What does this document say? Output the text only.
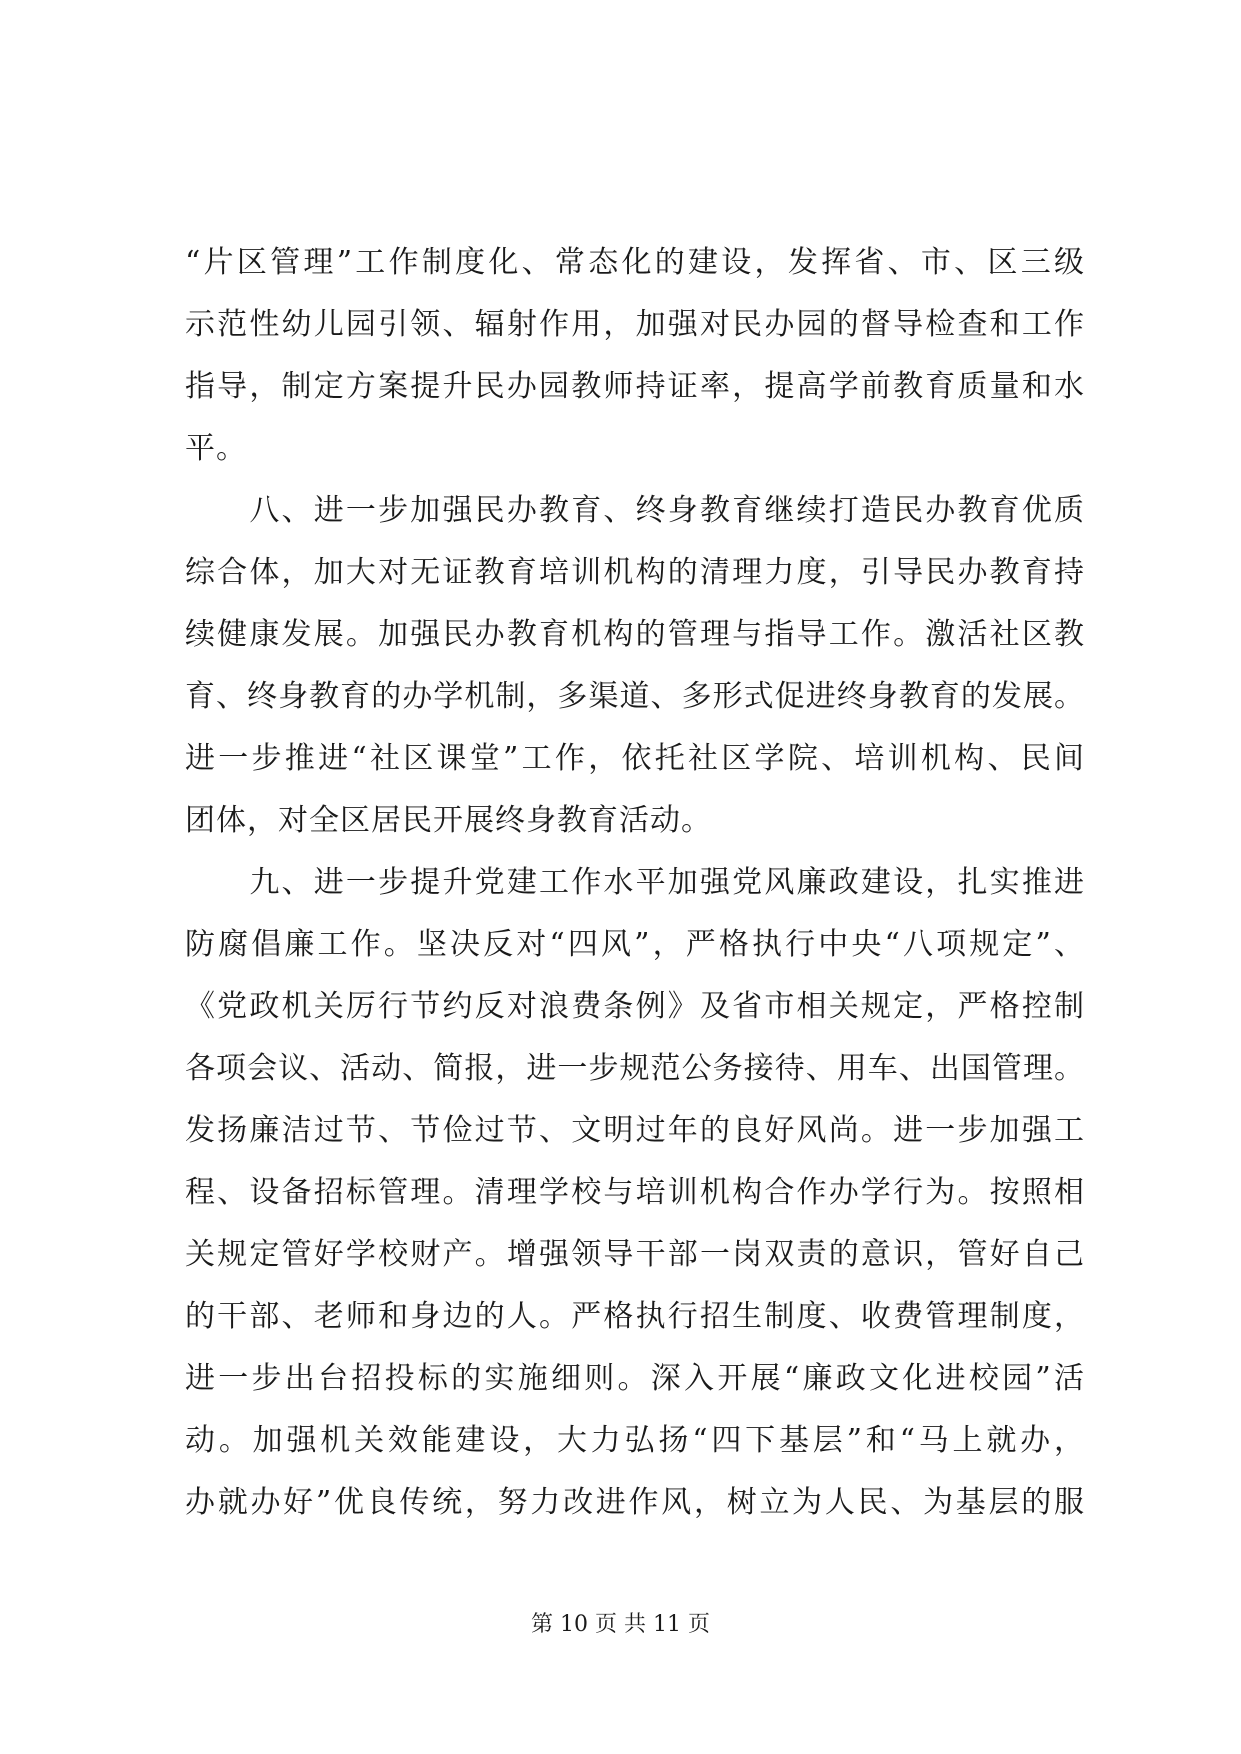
“片区管理”工作制度化、常态化的建设，发挥省、市、区三级
示范性幼儿园引领、辐射作用，加强对民办园的督导检查和工作
指导，制定方案提升民办园教师持证率，提高学前教育质量和水
平。
　　八、进一步加强民办教育、终身教育继续打造民办教育优质
综合体，加大对无证教育培训机构的清理力度，引导民办教育持
续健康发展。加强民办教育机构的管理与指导工作。激活社区教
育、终身教育的办学机制，多渠道、多形式促进终身教育的发展。
进一步推进“社区课堂”工作，依托社区学院、培训机构、民间
团体，对全区居民开展终身教育活动。
　　九、进一步提升党建工作水平加强党风廉政建设，扎实推进
防腐倡廉工作。坚决反对“四风”，严格执行中央“八项规定”、
《党政机关厉行节约反对浪费条例》及省市相关规定，严格控制
各项会议、活动、简报，进一步规范公务接待、用车、出国管理。
发扬廉洁过节、节俭过节、文明过年的良好风尚。进一步加强工
程、设备招标管理。清理学校与培训机构合作办学行为。按照相
关规定管好学校财产。增强领导干部一岗双责的意识，管好自己
的干部、老师和身边的人。严格执行招生制度、收费管理制度，
进一步出台招投标的实施细则。深入开展“廉政文化进校园”活
动。加强机关效能建设，大力弘扬“四下基层”和“马上就办，
办就办好”优良传统，努力改进作风，树立为人民、为基层的服
第 10 页 共 11 页
